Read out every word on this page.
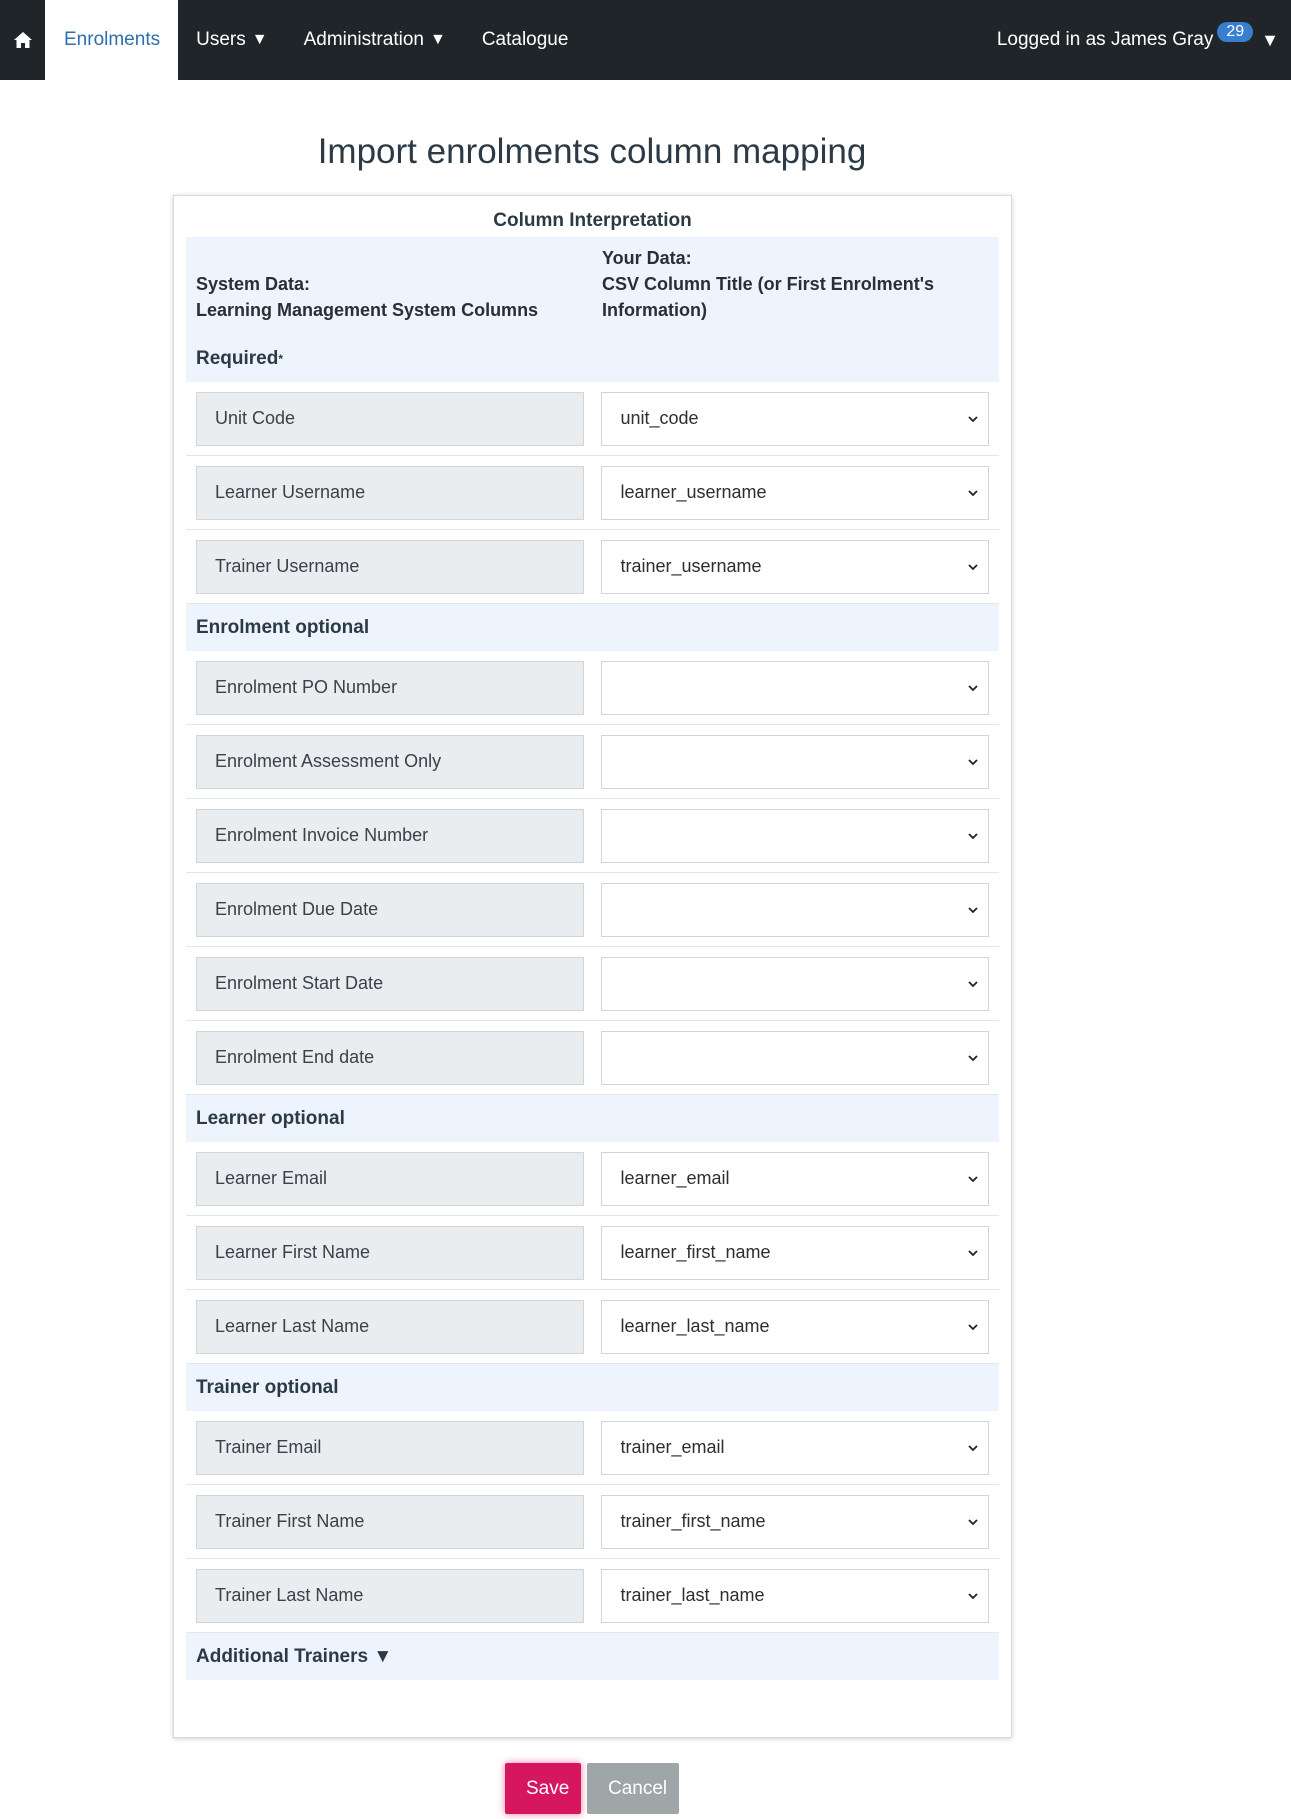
Enrolments Users ▼ Administration ▼ Catalogue	Logged in as James Gray 29 ▼
Import enrolments column mapping
Column Interpretation
System Data:
Learning Management System Columns
Your Data:
CSV Column Title (or First Enrolment's
Information)
Required *
Unit Code	unit_code
Learner Username	learner_username
Trainer Username	trainer_username
Enrolment optional
Enrolment PO Number
Enrolment Assessment Only
Enrolment Invoice Number
Enrolment Due Date
Enrolment Start Date
Enrolment End date
Learner optional
Learner Email	learner_email
Learner First Name	learner_first_name
Learner Last Name	learner_last_name
Trainer optional
Trainer Email	trainer_email
Trainer First Name	trainer_first_name
Trainer Last Name	trainer_last_name
Additional Trainers ▼
Save	Cancel
